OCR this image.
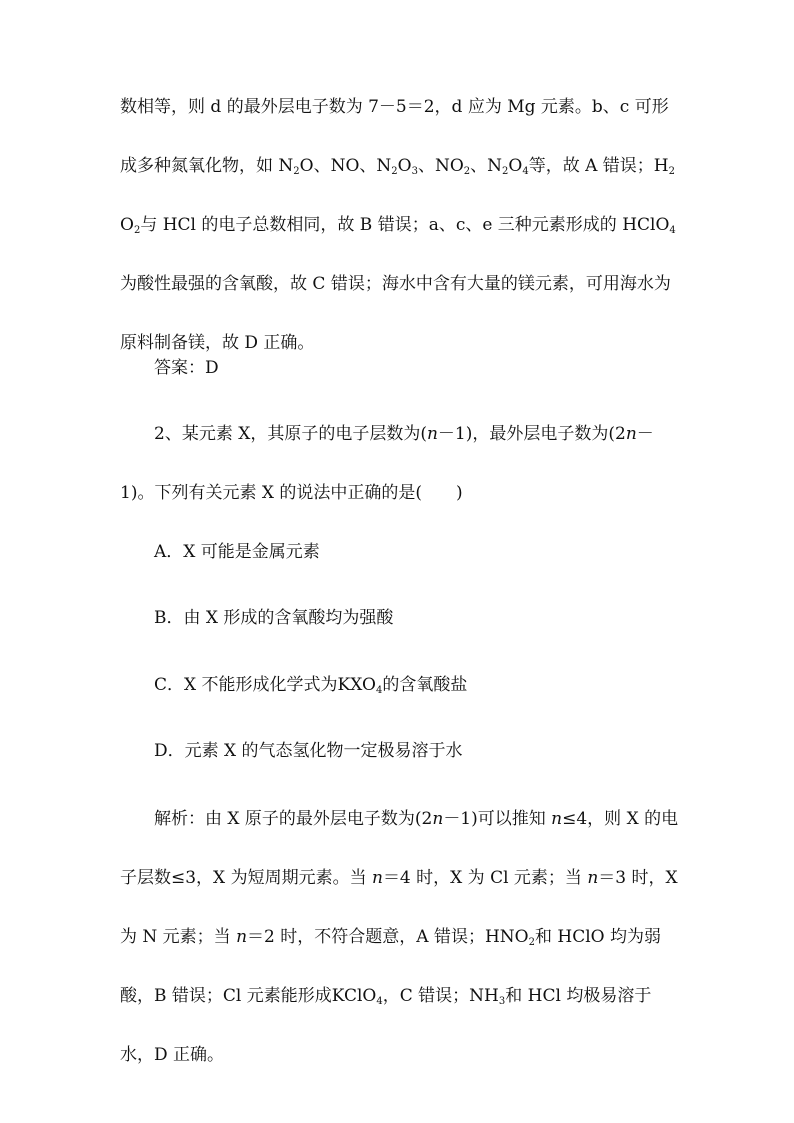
数相等，则 d 的最外层电子数为 7－5＝2，d 应为 Mg 元素。b、c 可形成多种氮氧化物，如 $N_2O$、NO、$N_2O_3$、$NO_2$、$N_2O_4$等，故 A 错误；$H_2O_2$与 HCl 的电子总数相同，故 B 错误；a、c、e 三种元素形成的 HClO$_4$为酸性最强的含氧酸，故 C 错误；海水中含有大量的镁元素，可用海水为原料制备镁，故 D 正确。

答案：D

2、某元素 X，其原子的电子层数为(n－1)，最外层电子数为(2n－1)。下列有关元素 X 的说法中正确的是(　　)

A．X 可能是金属元素

B．由 X 形成的含氧酸均为强酸

C．X 不能形成化学式为$KXO_4$的含氧酸盐

D．元素 X 的气态氢化物一定极易溶于水

解析：由 X 原子的最外层电子数为(2n－1)可以推知 n≤4，则 X 的电子层数≤3，X 为短周期元素。当 n＝4 时，X 为 Cl 元素；当 n＝3 时，X 为 N 元素；当 n＝2 时，不符合题意，A 错误；$HNO_2$和 HClO 均为弱酸，B 错误；Cl 元素能形成KClO$_4$，C 错误；$NH_3$和 HCl 均极易溶于水，D 正确。
